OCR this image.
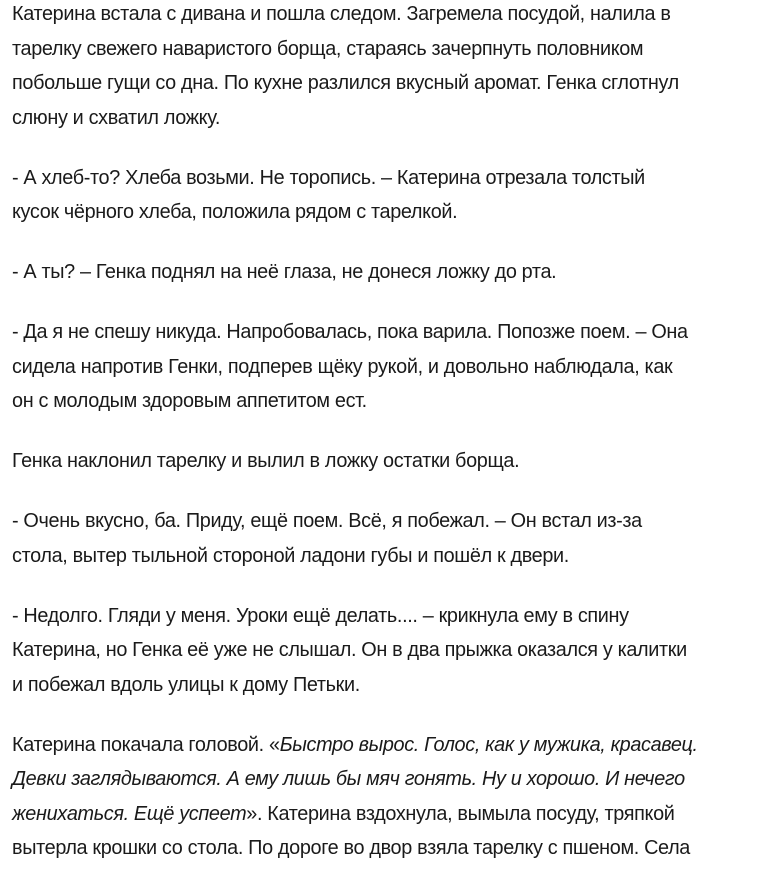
Катерина встала с дивана и пошла следом. Загремела посудой, налила в
тарелку свежего наваристого борща, стараясь зачерпнуть половником
побольше гущи со дна. По кухне разлился вкусный аромат. Генка сглотнул
слюну и схватил ложку.

- А хлеб-то? Хлеба возьми. Не торопись. – Катерина отрезала толстый
кусок чёрного хлеба, положила рядом с тарелкой.

- А ты? – Генка поднял на неё глаза, не донеся ложку до рта.

- Да я не спешу никуда. Напробовалась, пока варила. Попозже поем. – Она
сидела напротив Генки, подперев щёку рукой, и довольно наблюдала, как
он с молодым здоровым аппетитом ест.

Генка наклонил тарелку и вылил в ложку остатки борща.

- Очень вкусно, ба. Приду, ещё поем. Всё, я побежал. – Он встал из-за
стола, вытер тыльной стороной ладони губы и пошёл к двери.

- Недолго. Гляди у меня. Уроки ещё делать.... – крикнула ему в спину
Катерина, но Генка её уже не слышал. Он в два прыжка оказался у калитки
и побежал вдоль улицы к дому Петьки.

Катерина покачала головой. «Быстро вырос. Голос, как у мужика, красавец.
Девки заглядываются. А ему лишь бы мяч гонять. Ну и хорошо. И нечего
жениxаться. Ещё успеет». Катерина вздохнула, вымыла посуду, тряпкой
вытерла крошки со стола. По дороге во двор взяла тарелку с пшеном. Села
